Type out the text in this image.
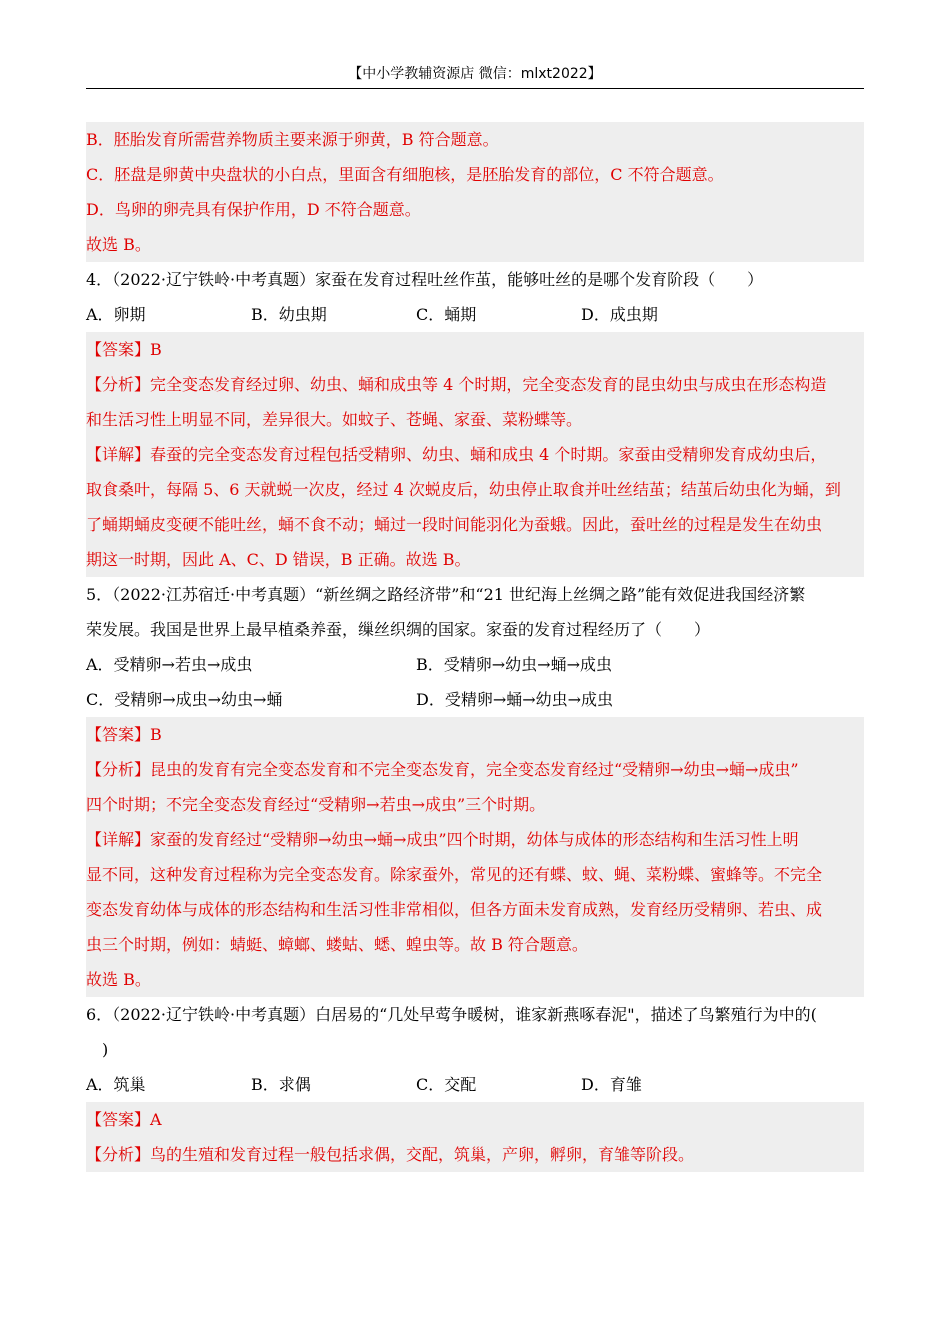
【中小学教辅资源店 微信：mlxt2022】
B．胚胎发育所需营养物质主要来源于卵黄，B 符合题意。
C．胚盘是卵黄中央盘状的小白点，里面含有细胞核，是胚胎发育的部位，C 不符合题意。
D．鸟卵的卵壳具有保护作用，D 不符合题意。
故选 B。
4．（2022·辽宁铁岭·中考真题）家蚕在发育过程吐丝作茧，能够吐丝的是哪个发育阶段（　　）
A．卵期	B．幼虫期	C．蛹期	D．成虫期
【答案】B
【分析】完全变态发育经过卵、幼虫、蛹和成虫等 4 个时期，完全变态发育的昆虫幼虫与成虫在形态构造
和生活习性上明显不同，差异很大。如蚊子、苍蝇、家蚕、菜粉蝶等。
【详解】春蚕的完全变态发育过程包括受精卵、幼虫、蛹和成虫 4 个时期。家蚕由受精卵发育成幼虫后，
取食桑叶，每隔 5、6 天就蜕一次皮，经过 4 次蜕皮后，幼虫停止取食并吐丝结茧；结茧后幼虫化为蛹，到
了蛹期蛹皮变硬不能吐丝，蛹不食不动；蛹过一段时间能羽化为蚕蛾。因此，蚕吐丝的过程是发生在幼虫
期这一时期，因此 A、C、D 错误，B 正确。故选 B。
5．（2022·江苏宿迁·中考真题）“新丝绸之路经济带”和“21 世纪海上丝绸之路”能有效促进我国经济繁
荣发展。我国是世界上最早植桑养蚕，缫丝织绸的国家。家蚕的发育过程经历了（　　）
A．受精卵→若虫→成虫	B．受精卵→幼虫→蛹→成虫
C．受精卵→成虫→幼虫→蛹	D．受精卵→蛹→幼虫→成虫
【答案】B
【分析】昆虫的发育有完全变态发育和不完全变态发育，完全变态发育经过“受精卵→幼虫→蛹→成虫”
四个时期；不完全变态发育经过“受精卵→若虫→成虫”三个时期。
【详解】家蚕的发育经过“受精卵→幼虫→蛹→成虫”四个时期，幼体与成体的形态结构和生活习性上明
显不同，这种发育过程称为完全变态发育。除家蚕外，常见的还有蝶、蚊、蝇、菜粉蝶、蜜蜂等。不完全
变态发育幼体与成体的形态结构和生活习性非常相似，但各方面未发育成熟，发育经历受精卵、若虫、成
虫三个时期，例如：蜻蜓、蟑螂、蝼蛄、蟋、蝗虫等。故 B 符合题意。
故选 B。
6．（2022·辽宁铁岭·中考真题）白居易的“几处早莺争暖树，谁家新燕啄春泥"，描述了鸟繁殖行为中的(
)
A．筑巢	B．求偶	C．交配	D．育雏
【答案】A
【分析】鸟的生殖和发育过程一般包括求偶，交配，筑巢，产卵，孵卵，育雏等阶段。
